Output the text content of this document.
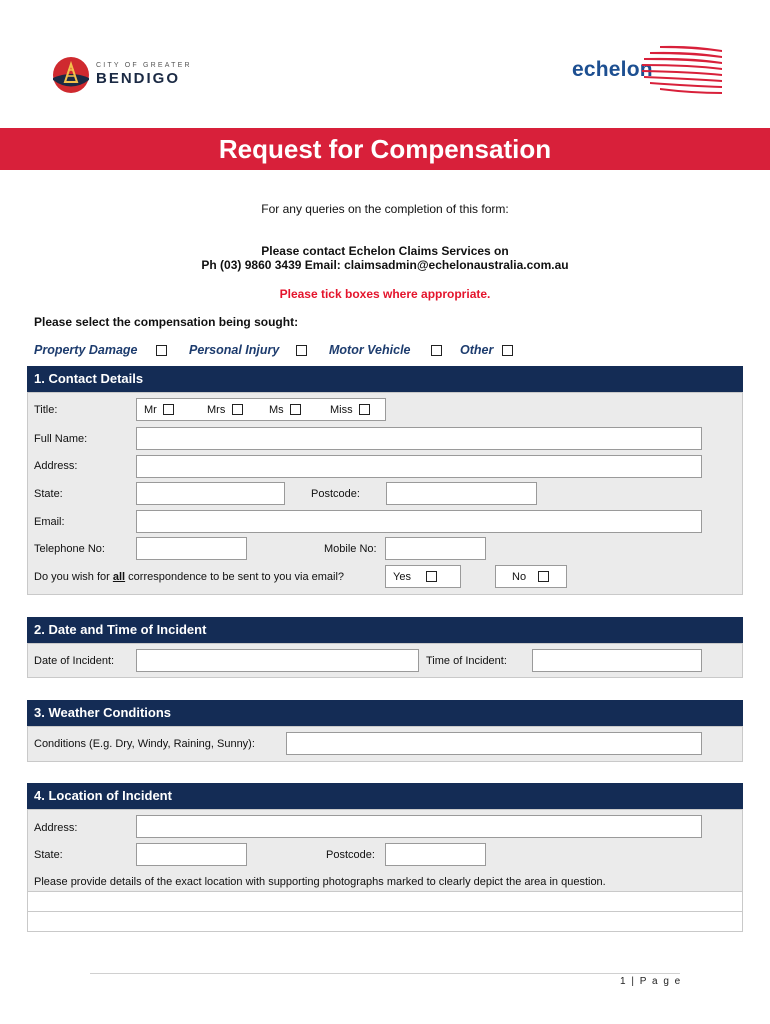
CITY OF GREATER
BENDIGO	echelon
Request for Compensation
For any queries on the completion of this form:
Please contact Echelon Claims Services on
Ph (03) 9860 3439 Email: claimsadmin@echelonaustralia.com.au
Please tick boxes where appropriate.
Please select the compensation being sought:
Property Damage	Personal Injury	Motor Vehicle	Other
1. Contact Details
Title:	Mr	Mrs	Ms	Miss
Full Name:
Address:
State:	Postcode:
Email:
Telephone No:	Mobile No:
Do you wish for all correspondence to be sent to you via email?	Yes	No
2. Date and Time of Incident
Date of Incident:	Time of Incident:
3. Weather Conditions
Conditions (E.g. Dry, Windy, Raining, Sunny):
4. Location of Incident
Address:
State:	Postcode:
Please provide details of the exact location with supporting photographs marked to clearly depict the area in question.
1 | P a g e
